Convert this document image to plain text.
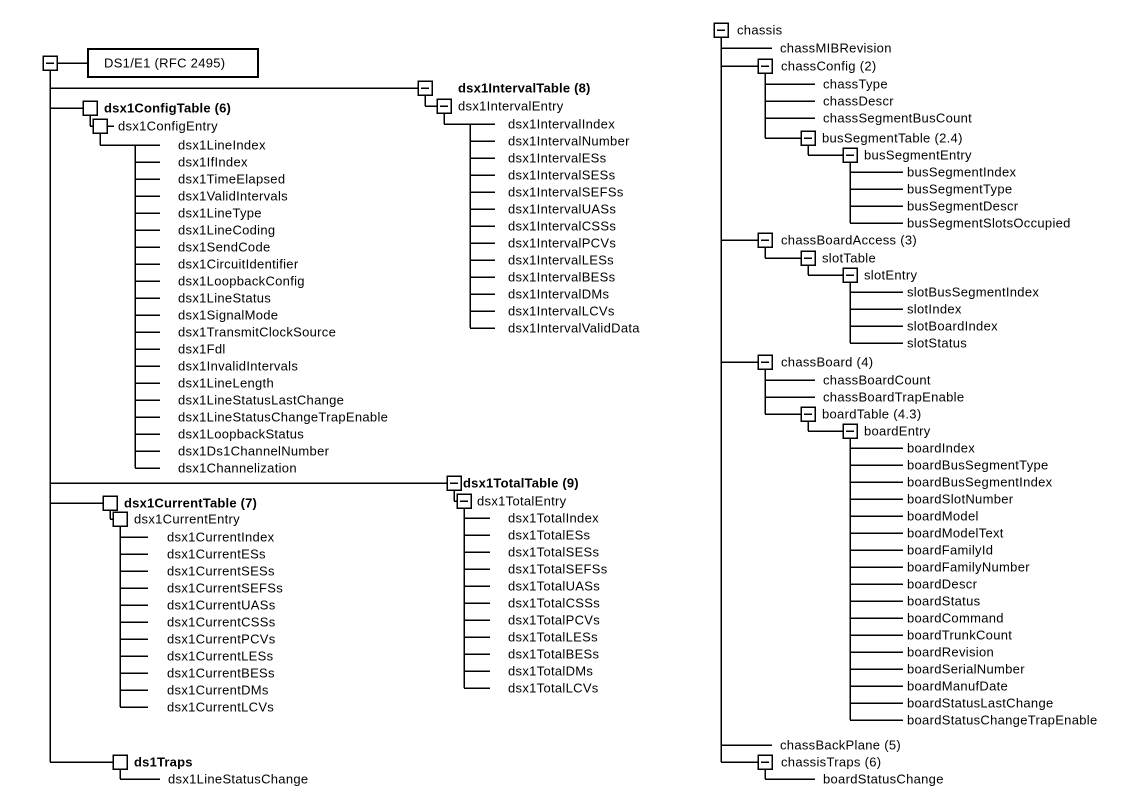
DS1/E1 (RFC 2495)
dsx1ConfigTable (6)
dsx1ConfigEntry
dsx1LineIndex
dsx1IfIndex
dsx1TimeElapsed
dsx1ValidIntervals
dsx1LineType
dsx1LineCoding
dsx1SendCode
dsx1CircuitIdentifier
dsx1LoopbackConfig
dsx1LineStatus
dsx1SignalMode
dsx1TransmitClockSource
dsx1Fdl
dsx1InvalidIntervals
dsx1LineLength
dsx1LineStatusLastChange
dsx1LineStatusChangeTrapEnable
dsx1LoopbackStatus
dsx1Ds1ChannelNumber
dsx1Channelization
dsx1CurrentTable (7)
dsx1CurrentEntry
dsx1CurrentIndex
dsx1CurrentESs
dsx1CurrentSESs
dsx1CurrentSEFSs
dsx1CurrentUASs
dsx1CurrentCSSs
dsx1CurrentPCVs
dsx1CurrentLESs
dsx1CurrentBESs
dsx1CurrentDMs
dsx1CurrentLCVs
dsx1IntervalTable (8)
dsx1IntervalEntry
dsx1IntervalIndex
dsx1IntervalNumber
dsx1IntervalESs
dsx1IntervalSESs
dsx1IntervalSEFSs
dsx1IntervalUASs
dsx1IntervalCSSs
dsx1IntervalPCVs
dsx1IntervalLESs
dsx1IntervalBESs
dsx1IntervalDMs
dsx1IntervalLCVs
dsx1IntervalValidData
dsx1TotalTable (9)
dsx1TotalEntry
dsx1TotalIndex
dsx1TotalESs
dsx1TotalSESs
dsx1TotalSEFSs
dsx1TotalUASs
dsx1TotalCSSs
dsx1TotalPCVs
dsx1TotalLESs
dsx1TotalBESs
dsx1TotalDMs
dsx1TotalLCVs
ds1Traps
dsx1LineStatusChange
chassis
chassMIBRevision
chassConfig (2)
chassType
chassDescr
chassSegmentBusCount
busSegmentTable (2.4)
busSegmentEntry
busSegmentIndex
busSegmentType
busSegmentDescr
busSegmentSlotsOccupied
chassBoardAccess (3)
slotTable
slotEntry
slotBusSegmentIndex
slotIndex
slotBoardIndex
slotStatus
chassBoard (4)
chassBoardCount
chassBoardTrapEnable
boardTable (4.3)
boardEntry
boardIndex
boardBusSegmentType
boardBusSegmentIndex
boardSlotNumber
boardModel
boardModelText
boardFamilyId
boardFamilyNumber
boardDescr
boardStatus
boardCommand
boardTrunkCount
boardRevision
boardSerialNumber
boardManufDate
boardStatusLastChange
boardStatusChangeTrapEnable
chassBackPlane (5)
chassisTraps (6)
boardStatusChange
